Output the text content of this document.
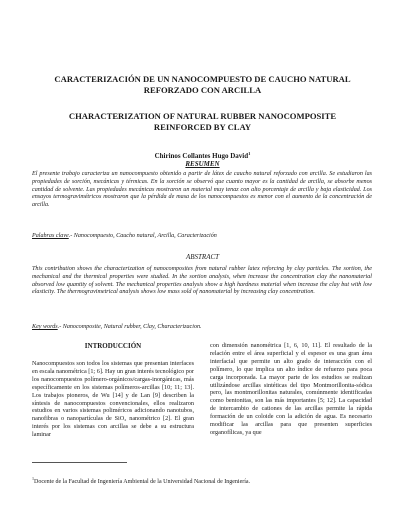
CARACTERIZACIÓN DE UN NANOCOMPUESTO DE CAUCHO NATURAL REFORZADO CON ARCILLA
CHARACTERIZATION OF NATURAL RUBBER NANOCOMPOSITE REINFORCED BY CLAY
Chirinos Collantes Hugo David$^1$
RESUMEN

El presente trabajo caracteriza un nanocompuesto obtenido a partir de látex de caucho natural reforzado con arcilla. Se estudiaron las propiedades de sorción, mecánicas y térmicas. En la sorción se observó que cuanto mayor es la cantidad de arcilla, se absorbe menos cantidad de solvente. Las propiedades mecánicas mostraron un material muy tenaz con alto porcentaje de arcilla y baja elasticidad. Los ensayos termogravimétricos mostraron que la pérdida de masa de los nanocompuestos es menor con el aumento de la concentración de arcilla.

Palabras clave.- Nanocompuesto, Caucho natural, Arcilla, Caracterización
ABSTRACT

This contribution shows the characterization of nanocomposites from natural rubber latex reforcing by clay particles. The sortion, the mechanical and the thermical properties were studied. In the sortion analysis, when increase the concentration clay the nanomaterial absorved low quantity of solvent. The mechanical properties analysis show a high hardness material when increase the clay but with low elasticity. The thermogravimetrical analysis shows low mass sold of nanomaterial by increasing clay concentration.

Key words.- Nanocomposite, Natural rubber, Clay, Characterizacion.
INTRODUCCIÓN

Nanocompuestos son todos los sistemas que presentan interfaces en escala nanométrica [1; 6]. Hay un gran interés tecnológico por los nanocompuestos polímero-orgánicos/cargas-inorgánicas, más específicamente en los sistemas polímeros-arcillas [10; 11; 13]. Los trabajos pioneros, de Wu [14] y de Lan [9] describen la síntesis de nanocompuestos convencionales, ellos realizaron estudios en varios sistemas poliméricos adicionando nanotubos, nanofibras o nanopartículas de SiO₂ nanométrico [2]. El gran interés por los sistemas con arcillas se debe a su estructura laminar

con dimensión nanométrica [1, 6, 10, 11]. El resultado de la relación entre el área superficial y el espesor es una gran área interfacial que permite un alto grado de interacción con el polímero, lo que implica un alto índice de refuerzo para poca carga incorporada. La mayor parte de los estudios se realizan utilizándose arcillas sintéticas del tipo Montmorillonita-sódica pero, las montmorillonitas naturales, comúnmente identificadas como bentonitas, son las más importantes [5; 12]. La capacidad de intercambio de cationes de las arcillas permite la rápida formación de un coloide con la adición de agua. Es necesario modificar las arcillas para que presenten superficies organofílicas, ya que

$^1$Docente de la Facultad de Ingeniería Ambiental de la Universidad Nacional de Ingeniería.
